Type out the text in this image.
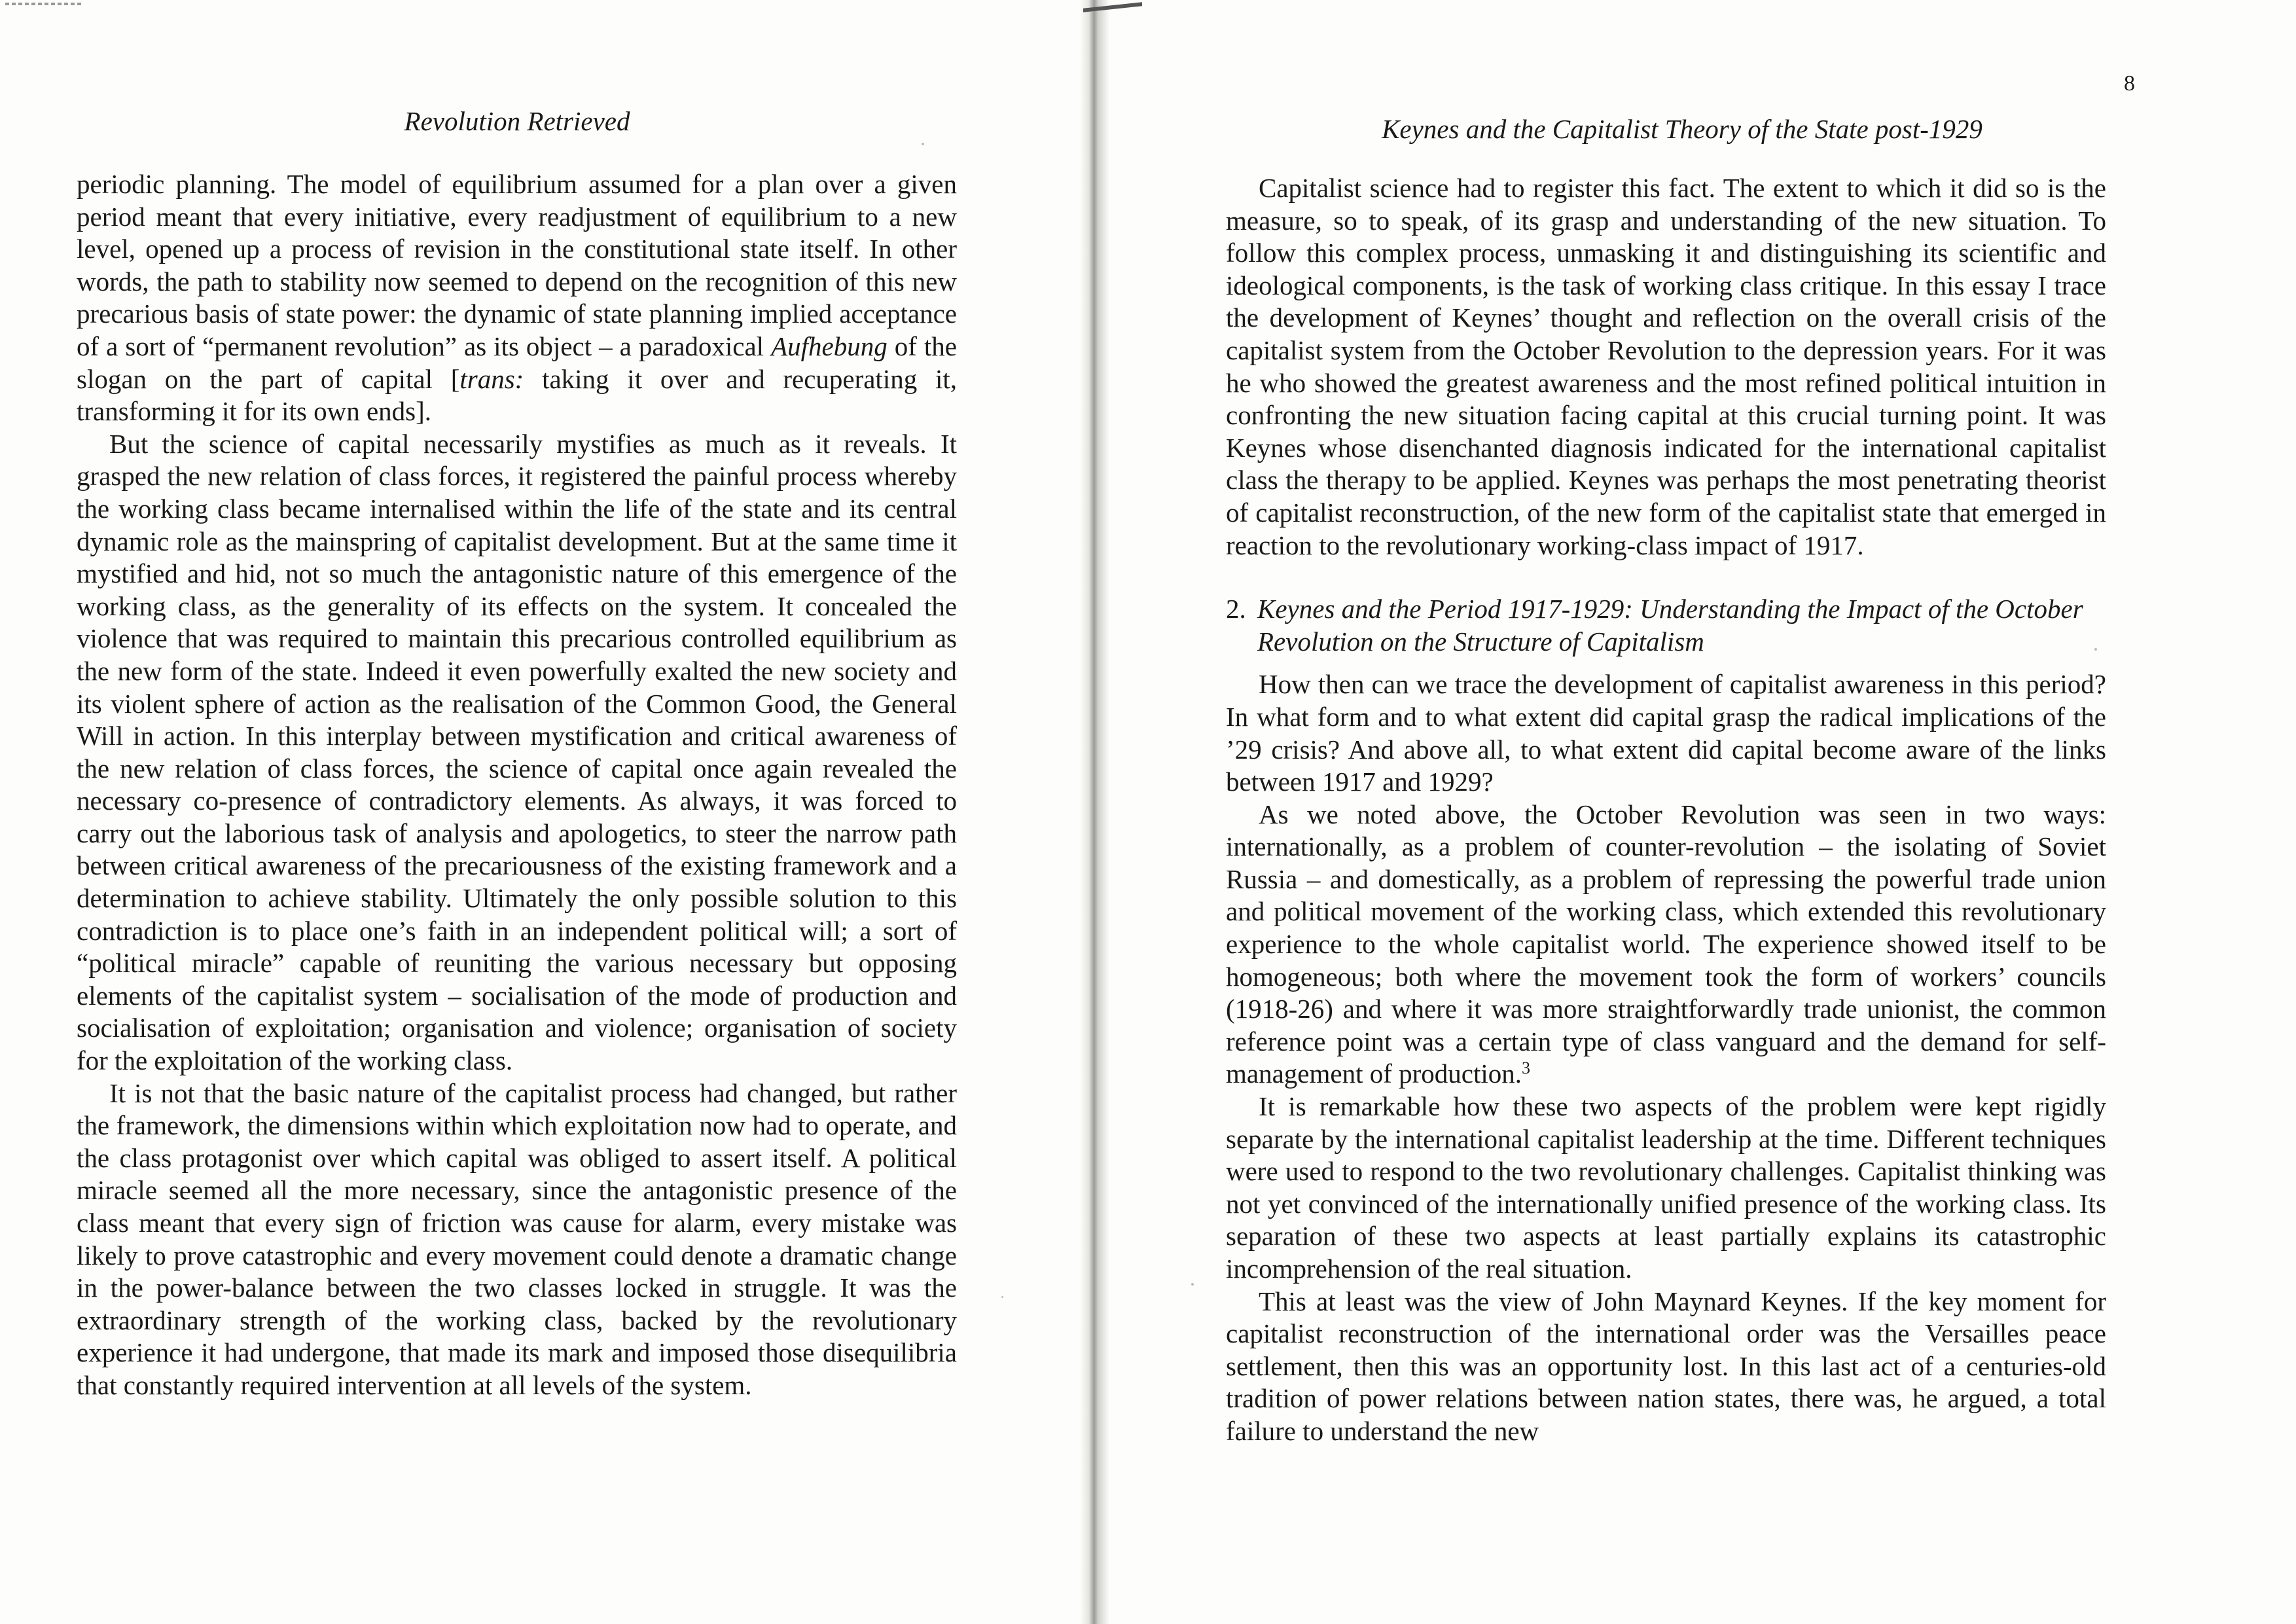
Revolution Retrieved

periodic planning. The model of equilibrium assumed for a plan over a given period meant that every initiative, every readjustment of equilibrium to a new level, opened up a process of revision in the constitutional state itself. In other words, the path to stability now seemed to depend on the recognition of this new precarious basis of state power: the dynamic of state planning implied acceptance of a sort of “permanent revolution” as its object – a paradoxical Aufhebung of the slogan on the part of capital [trans: taking it over and recuperating it, transforming it for its own ends].

But the science of capital necessarily mystifies as much as it reveals. It grasped the new relation of class forces, it registered the painful process whereby the working class became internalised within the life of the state and its central dynamic role as the mainspring of capitalist development. But at the same time it mystified and hid, not so much the antagonistic nature of this emergence of the working class, as the generality of its effects on the system. It concealed the violence that was required to maintain this precarious controlled equilibrium as the new form of the state. Indeed it even powerfully exalted the new society and its violent sphere of action as the realisation of the Common Good, the General Will in action. In this interplay between mystification and critical awareness of the new relation of class forces, the science of capital once again revealed the necessary co-presence of contradictory elements. As always, it was forced to carry out the laborious task of analysis and apologetics, to steer the narrow path between critical awareness of the precariousness of the existing framework and a determination to achieve stability. Ultimately the only possible solution to this contradiction is to place one’s faith in an independent political will; a sort of “political miracle” capable of reuniting the various necessary but opposing elements of the capitalist system – socialisation of the mode of production and socialisation of exploitation; organisation and violence; organisation of society for the exploitation of the working class.

It is not that the basic nature of the capitalist process had changed, but rather the framework, the dimensions within which exploitation now had to operate, and the class protagonist over which capital was obliged to assert itself. A political miracle seemed all the more necessary, since the antagonistic presence of the class meant that every sign of friction was cause for alarm, every mistake was likely to prove catastrophic and every movement could denote a dramatic change in the power-balance between the two classes locked in struggle. It was the extraordinary strength of the working class, backed by the revolutionary experience it had undergone, that made its mark and imposed those disequilibria that constantly required intervention at all levels of the system.

8
Keynes and the Capitalist Theory of the State post-1929

Capitalist science had to register this fact. The extent to which it did so is the measure, so to speak, of its grasp and understanding of the new situation. To follow this complex process, unmasking it and distinguishing its scientific and ideological components, is the task of working class critique. In this essay I trace the development of Keynes’ thought and reflection on the overall crisis of the capitalist system from the October Revolution to the depression years. For it was he who showed the greatest awareness and the most refined political intuition in confronting the new situation facing capital at this crucial turning point. It was Keynes whose disenchanted diagnosis indicated for the international capitalist class the therapy to be applied. Keynes was perhaps the most penetrating theorist of capitalist reconstruction, of the new form of the capitalist state that emerged in reaction to the revolutionary working-class impact of 1917.

2. Keynes and the Period 1917-1929: Understanding the Impact of the October Revolution on the Structure of Capitalism

How then can we trace the development of capitalist awareness in this period? In what form and to what extent did capital grasp the radical implications of the ’29 crisis? And above all, to what extent did capital become aware of the links between 1917 and 1929?

As we noted above, the October Revolution was seen in two ways: internationally, as a problem of counter-revolution – the isolating of Soviet Russia – and domestically, as a problem of repressing the powerful trade union and political movement of the working class, which extended this revolutionary experience to the whole capitalist world. The experience showed itself to be homogeneous; both where the movement took the form of workers’ councils (1918-26) and where it was more straightforwardly trade unionist, the common reference point was a certain type of class vanguard and the demand for self-management of production.$^3$

It is remarkable how these two aspects of the problem were kept rigidly separate by the international capitalist leadership at the time. Different techniques were used to respond to the two revolutionary challenges. Capitalist thinking was not yet convinced of the internationally unified presence of the working class. Its separation of these two aspects at least partially explains its catastrophic incomprehension of the real situation.

This at least was the view of John Maynard Keynes. If the key moment for capitalist reconstruction of the international order was the Versailles peace settlement, then this was an opportunity lost. In this last act of a centuries-old tradition of power relations between nation states, there was, he argued, a total failure to understand the new
